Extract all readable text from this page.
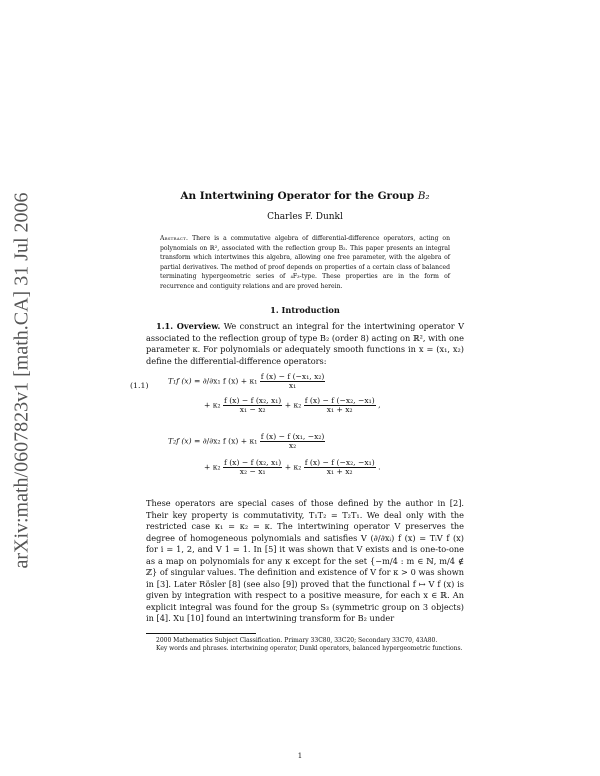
arXiv:math/0607823v1 [math.CA] 31 Jul 2006	An Intertwining Operator for the Group B₂
Charles F. Dunkl
Abstract. There is a commutative algebra of differential-difference operators, acting on polynomials on ℝ², associated with the reflection group B₂. This paper presents an integral transform which intertwines this algebra, allowing one free parameter, with the algebra of partial derivatives. The method of proof depends on properties of a certain class of balanced terminating hypergeometric series of ₄F₃-type. These properties are in the form of recurrence and contiguity relations and are proved herein.
1. Introduction

1.1. Overview. We construct an integral for the intertwining operator V associated to the reflection group of type B₂ (order 8) acting on ℝ², with one parameter κ. For polynomials or adequately smooth functions in x = (x₁, x₂) define the differential-difference operators:

(1.1)	T₁f (x) = ∂/∂x₁ f $(x) + \kappa_1 \frac{\text{f (x) − f (−x₁, x₂)}}{\text{x₁}}$
+ $\kappa_2 \frac{\text{f (x) − f (x₂, x₁)}}{\text{x₁ − x₂}} + \kappa_2 \frac{\text{f (x) − f (−x₂, −x₁)}}{\text{x₁ + x₂}}$ ,
T₂f (x) = ∂/∂x₂ f $(x) + \kappa_1 \frac{\text{f (x) − f (x₁, −x₂)}}{\text{x₂}}$
+ $\kappa_2 \frac{\text{f (x) − f (x₂, x₁)}}{\text{x₂ − x₁}} + \kappa_2 \frac{\text{f (x) − f (−x₂, −x₁)}}{\text{x₁ + x₂}}$ .

These operators are special cases of those defined by the author in [2]. Their key property is commutativity, T₁T₂ = T₂T₁. We deal only with the restricted case κ₁ = κ₂ = κ. The intertwining operator V preserves the degree of homogeneous polynomials and satisfies V (∂/∂xᵢ) f (x) = TᵢV f (x) for i = 1, 2, and V 1 = 1. In [5] it was shown that V exists and is one-to-one as a map on polynomials for any κ except for the set {−m/4 : m ∈ ℕ, m/4 ∉ ℤ} of singular values. The definition and existence of V for κ > 0 was shown in [3]. Later Rösler [8] (see also [9]) proved that the functional f ↦ V f (x) is given by integration with respect to a positive measure, for each x ∈ ℝ. An explicit integral was found for the group S₃ (symmetric group on 3 objects) in [4]. Xu [10] found an intertwining transform for B₂ under

2000 Mathematics Subject Classification. Primary 33C80, 33C20; Secondary 33C70, 43A80.

Key words and phrases. intertwining operator, Dunkl operators, balanced hypergeometric functions.

1
